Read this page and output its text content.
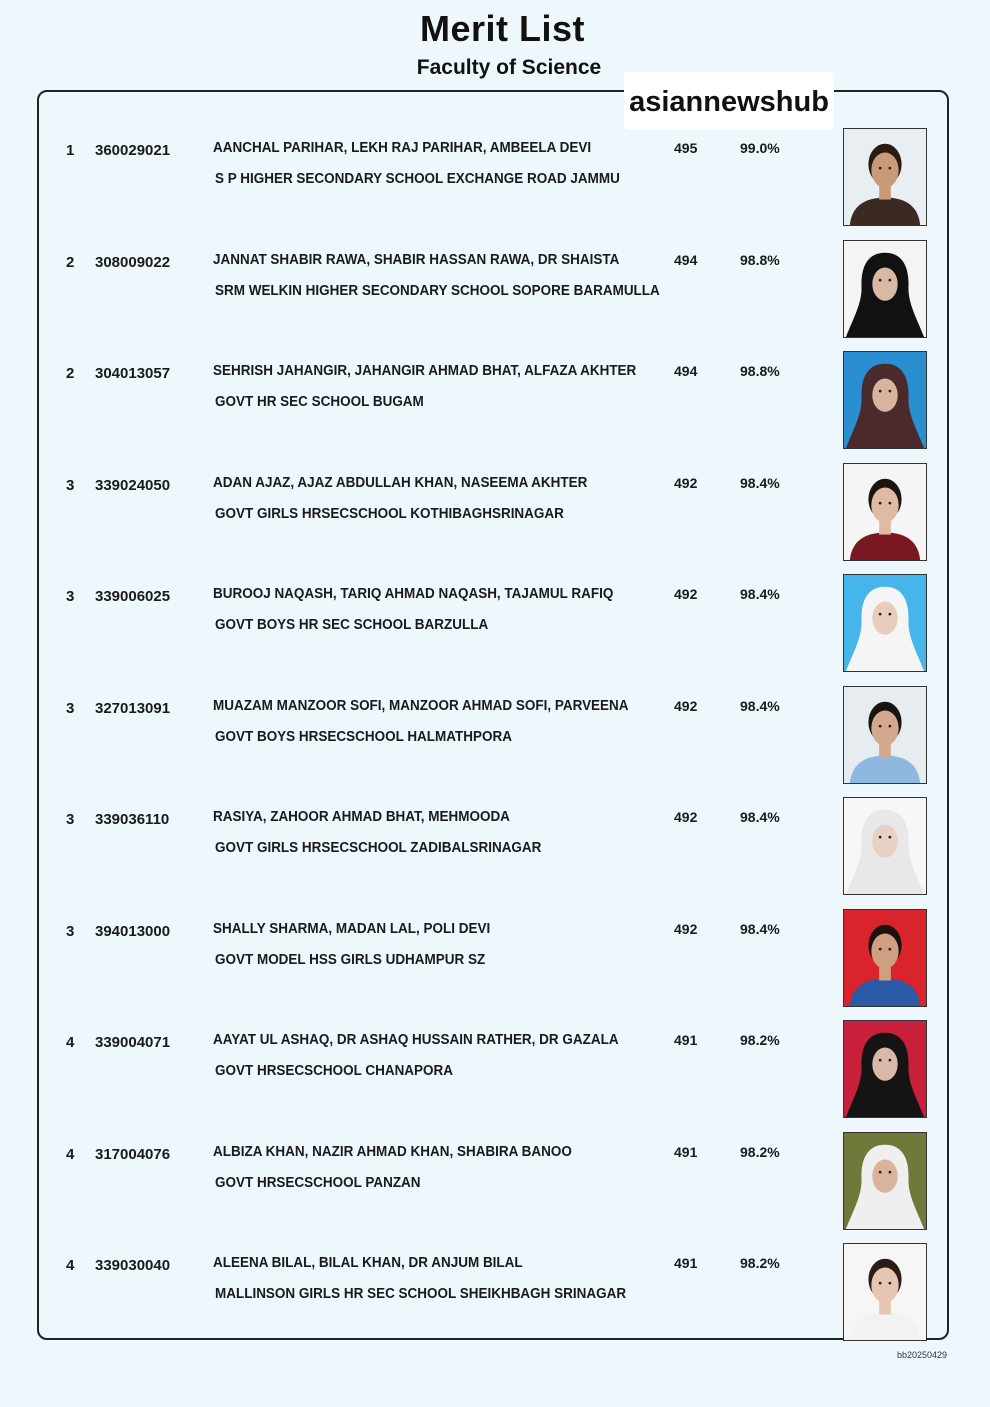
Merit List
Faculty of Science
1 360029021	AANCHAL PARIHAR, LEKH RAJ PARIHAR, AMBEELA DEVI
S P HIGHER SECONDARY SCHOOL EXCHANGE ROAD JAMMU
495	99.0%
2 308009022	JANNAT SHABIR RAWA, SHABIR HASSAN RAWA, DR SHAISTA
SRM WELKIN HIGHER SECONDARY SCHOOL SOPORE BARAMULLA
494	98.8%
2 304013057	SEHRISH JAHANGIR, JAHANGIR AHMAD BHAT, ALFAZA AKHTER
GOVT HR SEC SCHOOL BUGAM
494	98.8%
3 339024050	ADAN AJAZ, AJAZ ABDULLAH KHAN, NASEEMA AKHTER
GOVT GIRLS HRSECSCHOOL KOTHIBAGHSRINAGAR
492	98.4%
3 339006025	BUROOJ NAQASH, TARIQ AHMAD NAQASH, TAJAMUL RAFIQ
GOVT BOYS HR SEC SCHOOL BARZULLA
492	98.4%
3 327013091	MUAZAM MANZOOR SOFI, MANZOOR AHMAD SOFI, PARVEENA
GOVT BOYS HRSECSCHOOL HALMATHPORA
492	98.4%
3 339036110	RASIYA, ZAHOOR AHMAD BHAT, MEHMOODA
GOVT GIRLS HRSECSCHOOL ZADIBALSRINAGAR
492	98.4%
3 394013000	SHALLY SHARMA, MADAN LAL, POLI DEVI
GOVT MODEL HSS GIRLS UDHAMPUR SZ
492	98.4%
4 339004071	AAYAT UL ASHAQ, DR ASHAQ HUSSAIN RATHER, DR GAZALA
GOVT HRSECSCHOOL CHANAPORA
491	98.2%
4 317004076	ALBIZA KHAN, NAZIR AHMAD KHAN, SHABIRA BANOO
GOVT HRSECSCHOOL PANZAN
491	98.2%
4 339030040	ALEENA BILAL, BILAL KHAN, DR ANJUM BILAL
MALLINSON GIRLS HR SEC SCHOOL SHEIKHBAGH SRINAGAR
491	98.2%
asiannewshub
bb20250429
